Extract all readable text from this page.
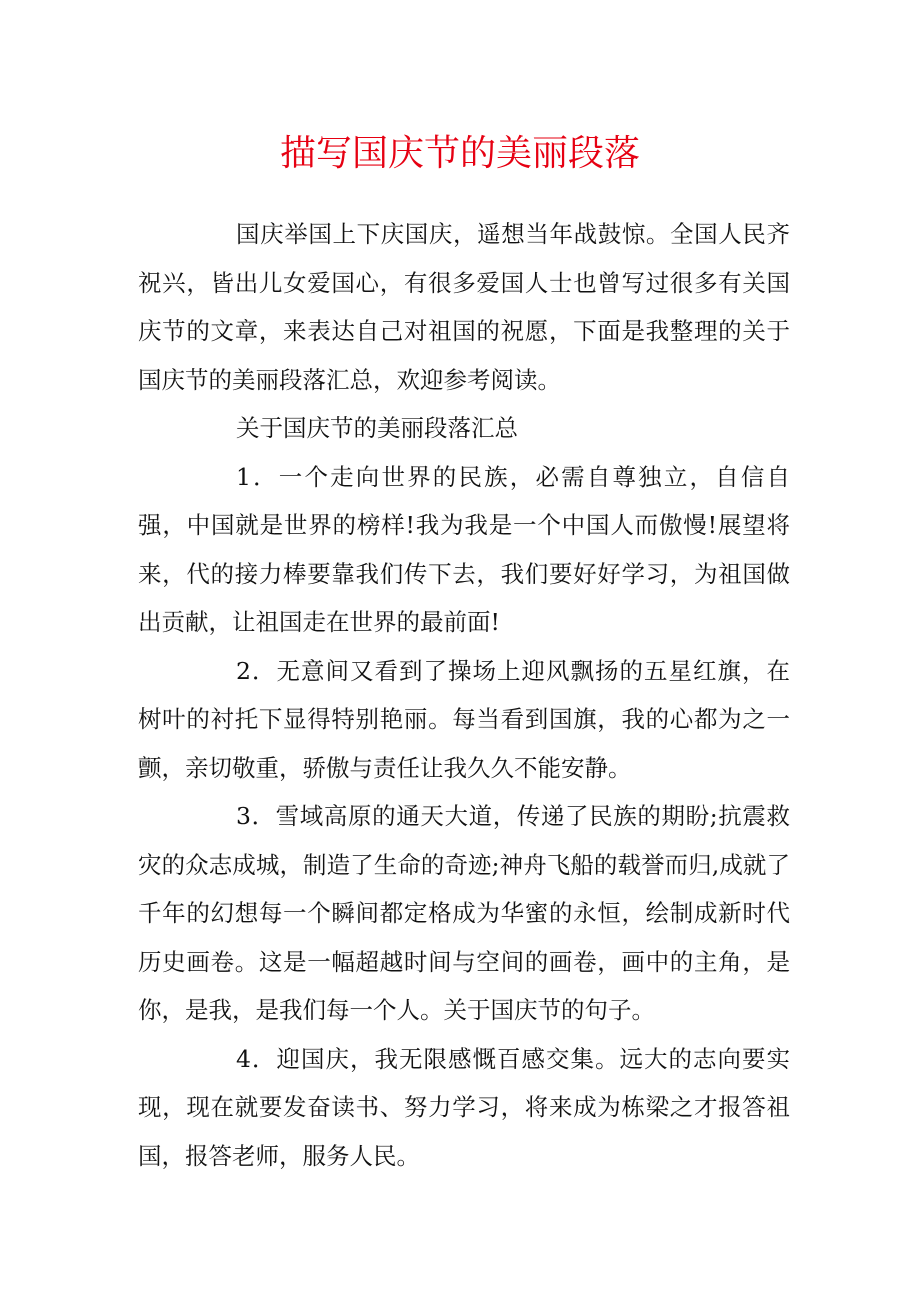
描写国庆节的美丽段落

国庆举国上下庆国庆，遥想当年战鼓惊。全国人民齐祝兴，皆出儿女爱国心，有很多爱国人士也曾写过很多有关国庆节的文章，来表达自己对祖国的祝愿，下面是我整理的关于国庆节的美丽段落汇总，欢迎参考阅读。

关于国庆节的美丽段落汇总

1．一个走向世界的民族，必需自尊独立，自信自强，中国就是世界的榜样!我为我是一个中国人而傲慢!展望将来，代的接力棒要靠我们传下去，我们要好好学习，为祖国做出贡献，让祖国走在世界的最前面!

2．无意间又看到了操场上迎风飘扬的五星红旗，在树叶的衬托下显得特别艳丽。每当看到国旗，我的心都为之一颤，亲切敬重，骄傲与责任让我久久不能安静。

3．雪域高原的通天大道，传递了民族的期盼;抗震救灾的众志成城，制造了生命的奇迹;神舟飞船的载誉而归,成就了千年的幻想每一个瞬间都定格成为华蜜的永恒，绘制成新时代历史画卷。这是一幅超越时间与空间的画卷，画中的主角，是你，是我，是我们每一个人。关于国庆节的句子。

4．迎国庆，我无限感慨百感交集。远大的志向要实现，现在就要发奋读书、努力学习，将来成为栋梁之才报答祖国，报答老师，服务人民。
